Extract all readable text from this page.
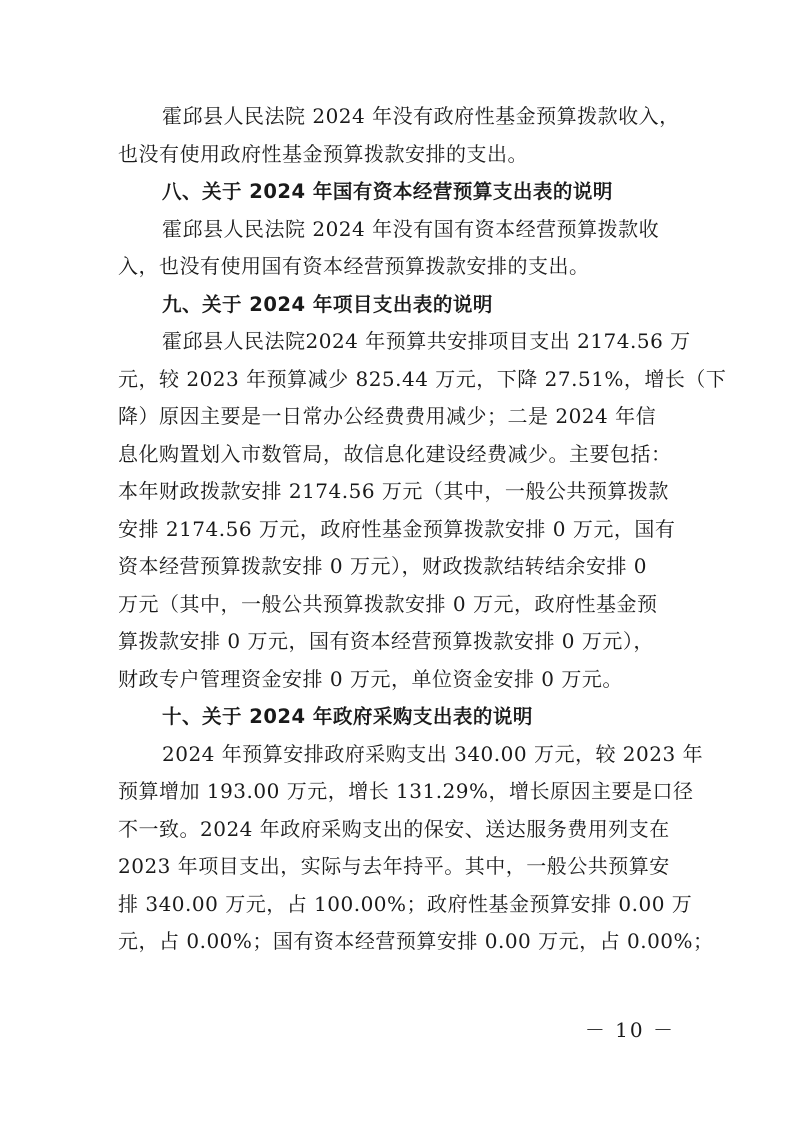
霍邱县人民法院 2024 年没有政府性基金预算拨款收入，
也没有使用政府性基金预算拨款安排的支出。
八、关于 2024 年国有资本经营预算支出表的说明
霍邱县人民法院 2024 年没有国有资本经营预算拨款收
入，也没有使用国有资本经营预算拨款安排的支出。
九、关于 2024 年项目支出表的说明
霍邱县人民法院2024 年预算共安排项目支出 2174.56 万
元，较 2023 年预算减少 825.44 万元，下降 27.51%，增长（下
降）原因主要是一日常办公经费费用减少；二是 2024 年信
息化购置划入市数管局，故信息化建设经费减少。主要包括：
本年财政拨款安排 2174.56 万元（其中，一般公共预算拨款
安排 2174.56 万元，政府性基金预算拨款安排 0 万元，国有
资本经营预算拨款安排 0 万元），财政拨款结转结余安排 0
万元（其中，一般公共预算拨款安排 0 万元，政府性基金预
算拨款安排 0 万元，国有资本经营预算拨款安排 0 万元），
财政专户管理资金安排 0 万元，单位资金安排 0 万元。
十、关于 2024 年政府采购支出表的说明
2024 年预算安排政府采购支出 340.00 万元，较 2023 年
预算增加 193.00 万元，增长 131.29%，增长原因主要是口径
不一致。2024 年政府采购支出的保安、送达服务费用列支在
2023 年项目支出，实际与去年持平。其中，一般公共预算安
排 340.00 万元，占 100.00%；政府性基金预算安排 0.00 万
元，占 0.00%；国有资本经营预算安排 0.00 万元，占 0.00%；
－ 10 －
